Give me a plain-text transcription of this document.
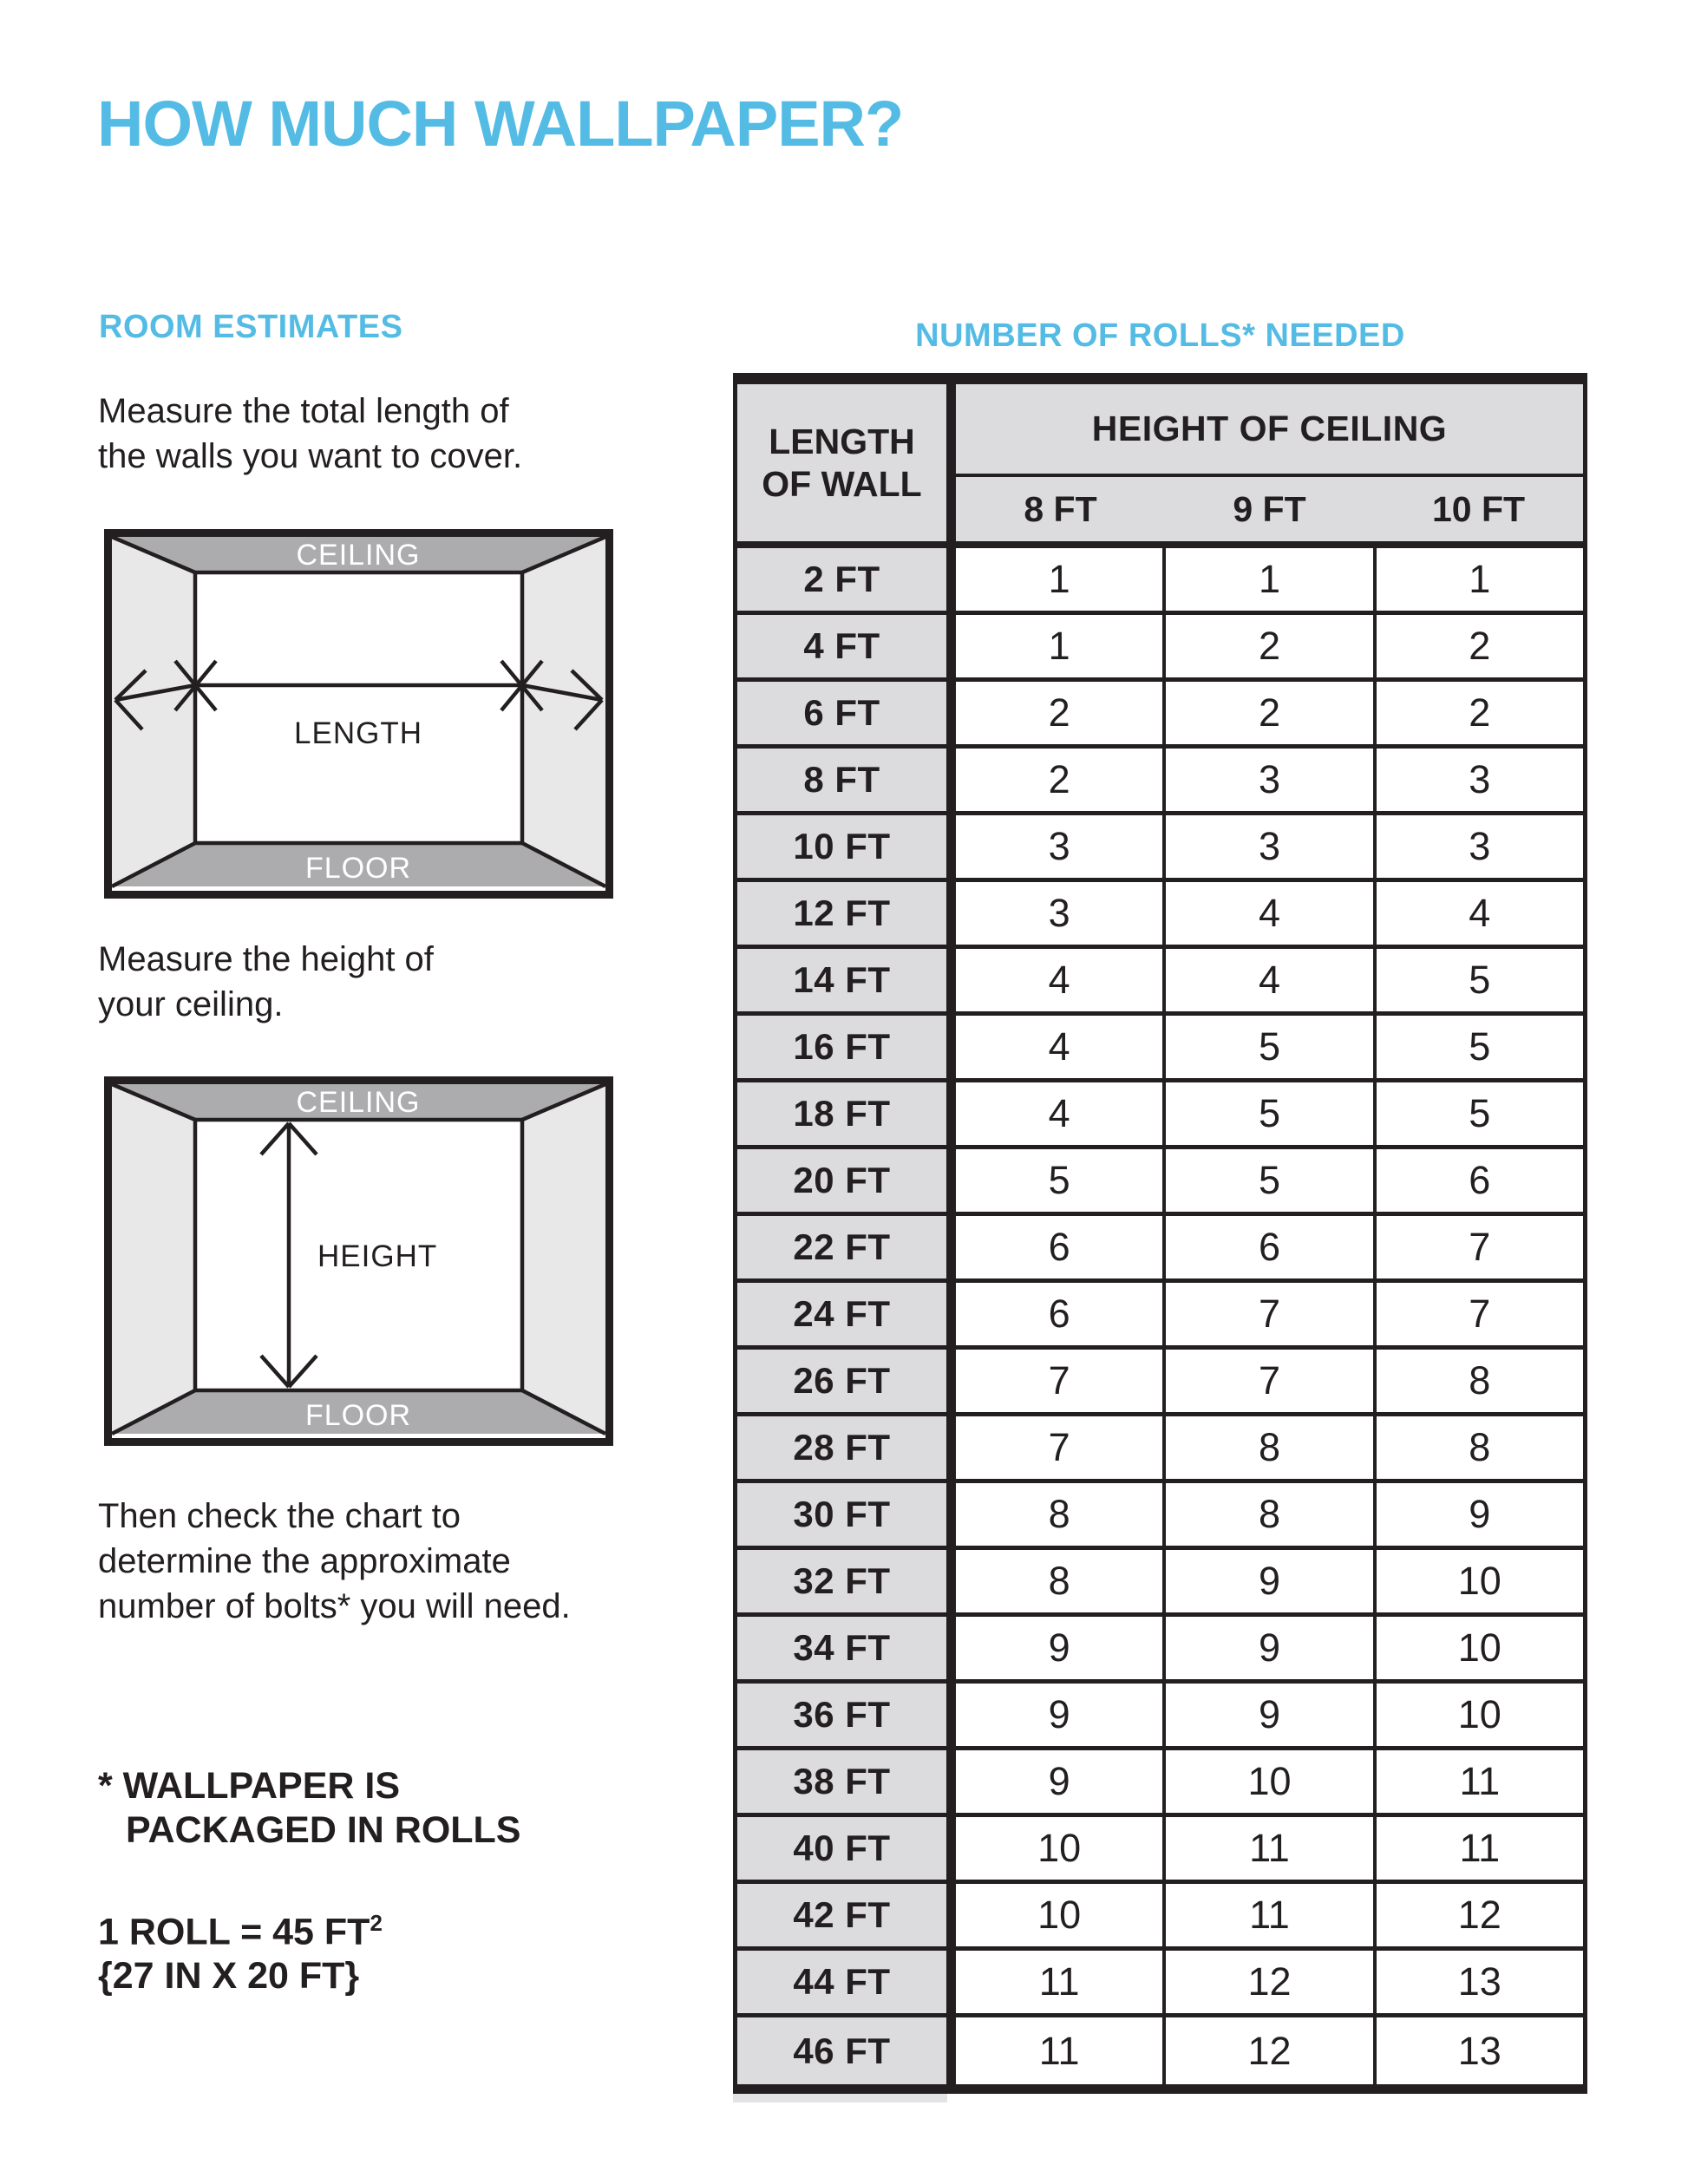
HOW MUCH WALLPAPER?
ROOM ESTIMATES	NUMBER OF ROLLS* NEEDED
Measure the total length of
the walls you want to cover.
CEILING
FLOOR
LENGTH
Measure the height of
your ceiling.
CEILING
FLOOR
HEIGHT
Then check the chart to
determine the approximate
number of bolts* you will need.
* WALLPAPER IS
PACKAGED IN ROLLS
1 ROLL = 45 $FT^2$
{27 IN X 20 FT}
LENGTH
OF WALL
HEIGHT OF CEILING
8 FT	9 FT	10 FT
2 FT	1	1	1
4 FT	1	2	2
6 FT	2	2	2
8 FT	2	3	3
10 FT	3	3	3
12 FT	3	4	4
14 FT	4	4	5
16 FT	4	5	5
18 FT	4	5	5
20 FT	5	5	6
22 FT	6	6	7
24 FT	6	7	7
26 FT	7	7	8
28 FT	7	8	8
30 FT	8	8	9
32 FT	8	9	10
34 FT	9	9	10
36 FT	9	9	10
38 FT	9	10	11
40 FT	10	11	11
42 FT	10	11	12
44 FT	11	12	13
46 FT	11	12	13
